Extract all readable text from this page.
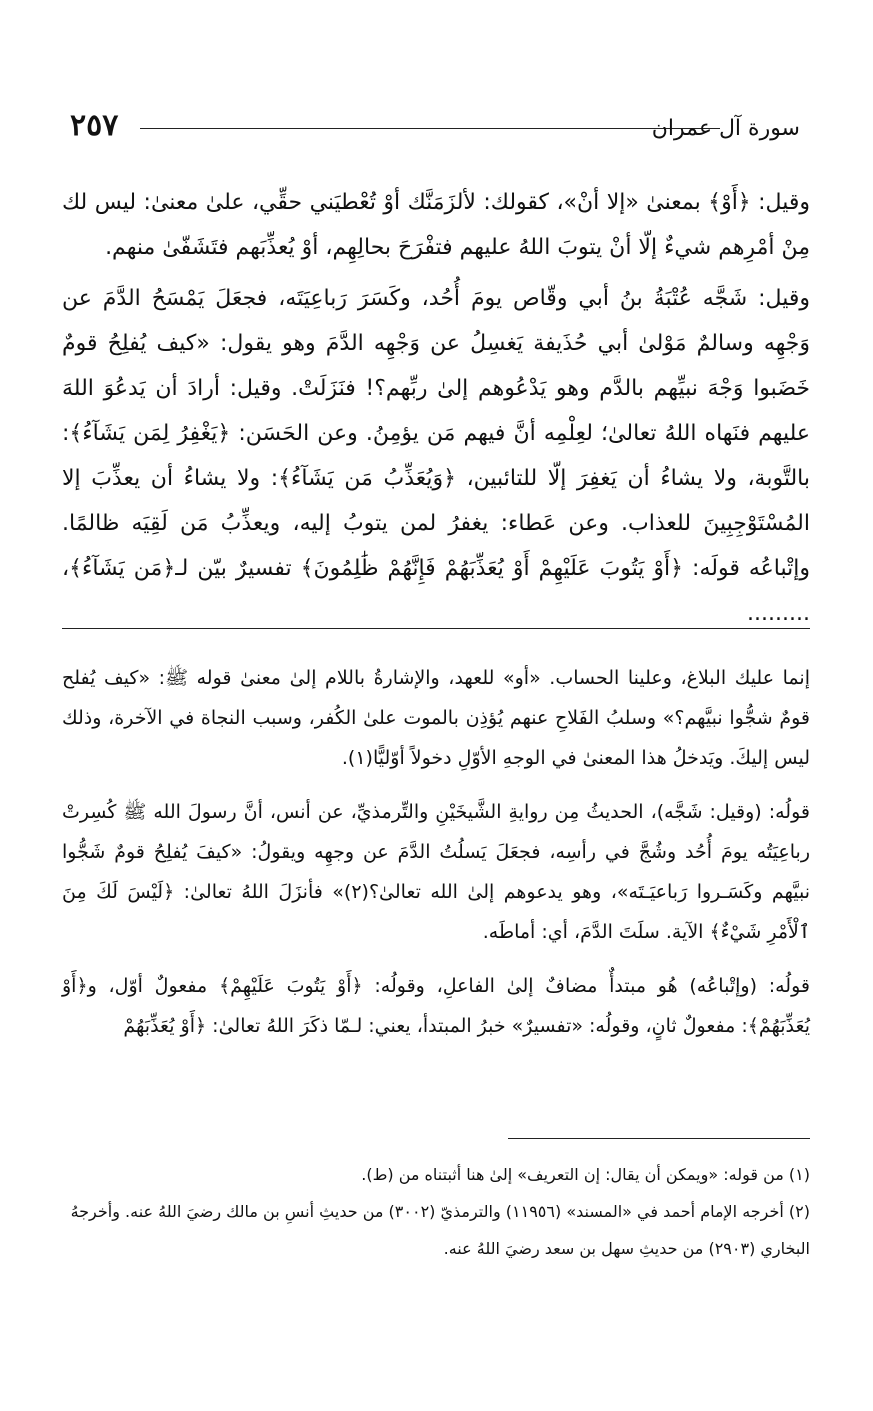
٢٥٧	سورة آل عمران

وقيل: ﴿أَوْ﴾ بمعنىٰ «إلا أنْ»، كقولك: لألزَمَنَّك أوْ تُعْطيَني حقِّي، علىٰ معنىٰ: ليس لك مِنْ أمْرِهم شيءٌ إلّا أنْ يتوبَ اللهُ عليهم فتفْرَحَ بحالِهِم، أوْ يُعذِّبَهم فتَشَفّىٰ منهم.

وقيل: شَجَّه عُتْبَةُ بنُ أبي وقّاص يومَ أُحُد، وكَسَرَ رَباعِيَتَه، فجعَلَ يَمْسَحُ الدَّمَ عن وَجْهِه وسالمٌ مَوْلىٰ أبي حُذَيفة يَغسِلُ عن وَجْهِه الدَّمَ وهو يقول: «كيف يُفلِحُ قومٌ خَضَبوا وَجْهَ نبيِّهم بالدَّم وهو يَدْعُوهم إلىٰ ربِّهم؟! فنَزَلَتْ. وقيل: أرادَ أن يَدعُوَ اللهَ عليهم فنَهاه اللهُ تعالىٰ؛ لعِلْمِه أنَّ فيهم مَن يؤمِنُ. وعن الحَسَن: ﴿يَغْفِرُ لِمَن يَشَآءُ﴾: بالتَّوبة، ولا يشاءُ أن يَغفِرَ إلّا للتائبين، ﴿وَيُعَذِّبُ مَن يَشَآءُ﴾: ولا يشاءُ أن يعذِّبَ إلا المُسْتَوْجِبِينَ للعذاب. وعن عَطاء: يغفرُ لمن يتوبُ إليه، ويعذِّبُ مَن لَقِيَه ظالمًا. وإتْباعُه قولَه: ﴿أَوْ يَتُوبَ عَلَيْهِمْ أَوْ يُعَذِّبَهُمْ فَإِنَّهُمْ ظَٰلِمُونَ﴾ تفسيرٌ بيّن لـ﴿مَن يَشَآءُ﴾، .........

إنما عليك البلاغ، وعلينا الحساب. «أو» للعهد، والإشارةُ باللام إلىٰ معنىٰ قوله ﷺ: «كيف يُفلح قومٌ شجُّوا نبيَّهم؟» وسلبُ الفَلاحِ عنهم يُؤذِن بالموت علىٰ الكُفر، وسبب النجاة في الآخرة، وذلك ليس إليكَ. ويَدخلُ هذا المعنىٰ في الوجهِ الأوّلِ دخولاً أوّليًّا(١).

قولُه: (وقيل: شَجَّه)، الحديثُ مِن روايةِ الشَّيخَيْنِ والتِّرمذيِّ، عن أنس، أنَّ رسولَ الله ﷺ كُسِرتْ رباعِيَتُه يومَ أُحُد وشُجَّ في رأسِه، فجعَلَ يَسلُتُ الدَّمَ عن وجهِه ويقولُ: «كيفَ يُفلِحُ قومٌ شَجُّوا نبيَّهم وكَسَـروا رَباعيَـتَه»، وهو يدعوهم إلىٰ الله تعالىٰ؟(٢)» فأنزَلَ اللهُ تعالىٰ: ﴿لَيْسَ لَكَ مِنَ ٱلْأَمْرِ شَيْءٌ﴾ الآية. سلَتَ الدَّمَ، أي: أماطَه.

قولُه: (وإتْباعُه) هُو مبتدأٌ مضافٌ إلىٰ الفاعلِ، وقولُه: ﴿أَوْ يَتُوبَ عَلَيْهِمْ﴾ مفعولٌ أوّل، و﴿أَوْ يُعَذِّبَهُمْ﴾: مفعولٌ ثانٍ، وقولُه: «تفسيرٌ» خبرُ المبتدأ، يعني: لـمّا ذكَرَ اللهُ تعالىٰ: ﴿أَوْ يُعَذِّبَهُمْ

(١) من قوله: «ويمكن أن يقال: إن التعريف» إلىٰ هنا أثبتناه من (ط).
(٢) أخرجه الإمام أحمد في «المسند» (١١٩٥٦) والترمذيّ (٣٠٠٢) من حديثِ أنسِ بن مالك رضيَ اللهُ عنه. وأخرجهُ البخاري (٢٩٠٣) من حديثِ سهل بن سعد رضيَ اللهُ عنه.
